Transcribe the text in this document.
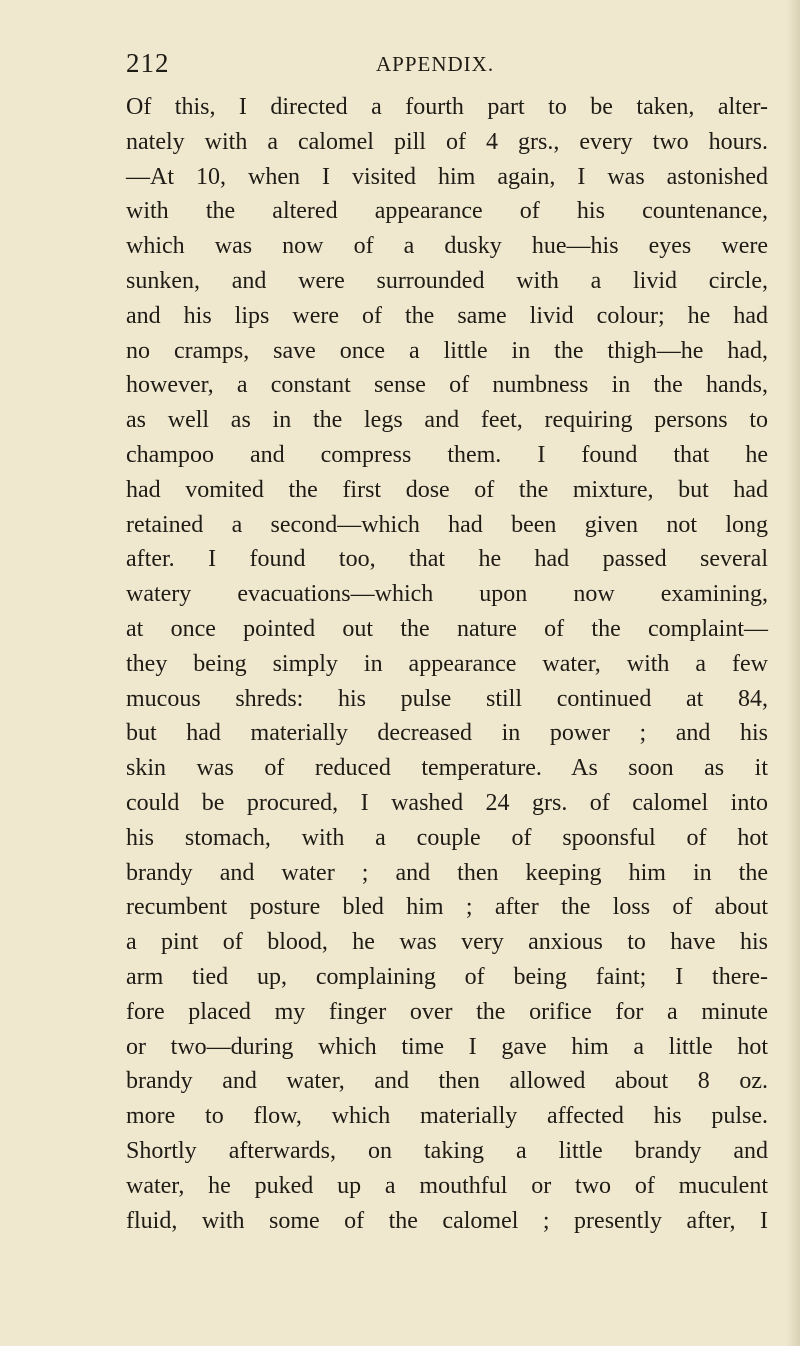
212	APPENDIX.
Of this, I directed a fourth part to be taken, alter-
nately with a calomel pill of 4 grs., every two hours.
—At 10, when I visited him again, I was astonished
with the altered appearance of his countenance,
which was now of a dusky hue—his eyes were
sunken, and were surrounded with a livid circle,
and his lips were of the same livid colour; he had
no cramps, save once a little in the thigh—he had,
however, a constant sense of numbness in the hands,
as well as in the legs and feet, requiring persons to
champoo and compress them. I found that he
had vomited the first dose of the mixture, but had
retained a second—which had been given not long
after. I found too, that he had passed several
watery evacuations—which upon now examining,
at once pointed out the nature of the complaint—
they being simply in appearance water, with a few
mucous shreds: his pulse still continued at 84,
but had materially decreased in power ; and his
skin was of reduced temperature. As soon as it
could be procured, I washed 24 grs. of calomel into
his stomach, with a couple of spoonsful of hot
brandy and water ; and then keeping him in the
recumbent posture bled him ; after the loss of about
a pint of blood, he was very anxious to have his
arm tied up, complaining of being faint; I there-
fore placed my finger over the orifice for a minute
or two—during which time I gave him a little hot
brandy and water, and then allowed about 8 oz.
more to flow, which materially affected his pulse.
Shortly afterwards, on taking a little brandy and
water, he puked up a mouthful or two of muculent
fluid, with some of the calomel ; presently after, I
